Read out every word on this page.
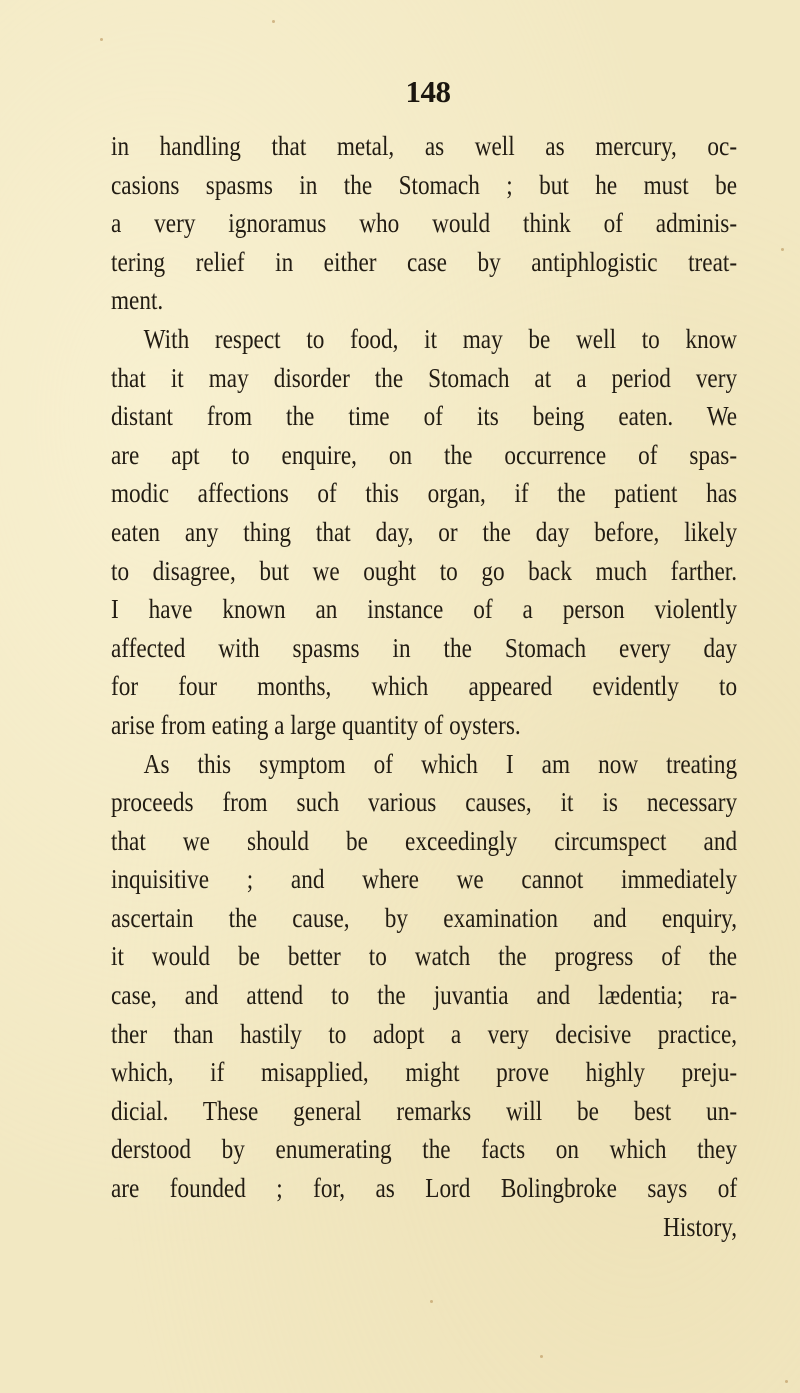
148
in handling that metal, as well as mercury, oc-
casions spasms in the Stomach ; but he must be
a very ignoramus who would think of adminis-
tering relief in either case by antiphlogistic treat-
ment.
With respect to food, it may be well to know
that it may disorder the Stomach at a period very
distant from the time of its being eaten. We
are apt to enquire, on the occurrence of spas-
modic affections of this organ, if the patient has
eaten any thing that day, or the day before, likely
to disagree, but we ought to go back much farther.
I have known an instance of a person violently
affected with spasms in the Stomach every day
for four months, which appeared evidently to
arise from eating a large quantity of oysters.
As this symptom of which I am now treating
proceeds from such various causes, it is necessary
that we should be exceedingly circumspect and
inquisitive ; and where we cannot immediately
ascertain the cause, by examination and enquiry,
it would be better to watch the progress of the
case, and attend to the juvantia and lædentia; ra-
ther than hastily to adopt a very decisive practice,
which, if misapplied, might prove highly preju-
dicial. These general remarks will be best un-
derstood by enumerating the facts on which they
are founded ; for, as Lord Bolingbroke says of
History,
